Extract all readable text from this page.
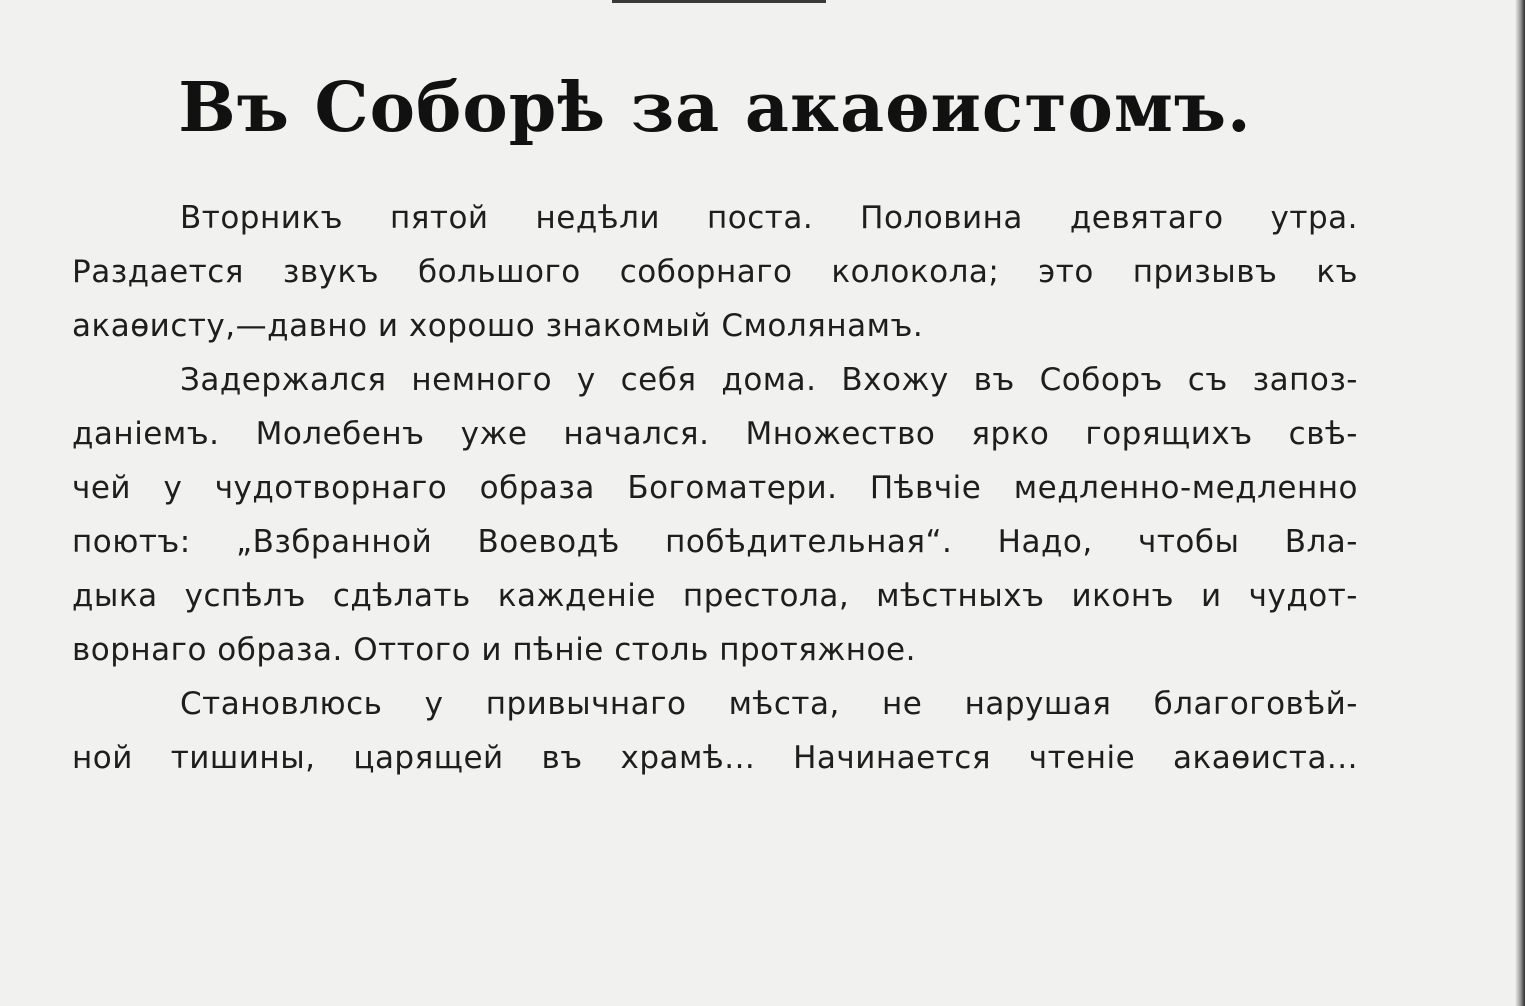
Въ Соборѣ за акаѳистомъ.
Вторникъ пятой недѣли поста. Половина девятаго утра.
Раздается звукъ большого соборнаго колокола; это призывъ къ
акаѳисту,—давно и хорошо знакомый Смолянамъ.
Задержался немного у себя дома. Вхожу въ Соборъ съ запоз-
даніемъ. Молебенъ уже начался. Множество ярко горящихъ свѣ-
чей у чудотворнаго образа Богоматери. Пѣвчіе медленно-медленно
поютъ: „Взбранной Воеводѣ побѣдительная“. Надо, чтобы Вла-
дыка успѣлъ сдѣлать кажденіе престола, мѣстныхъ иконъ и чудот-
ворнаго образа. Оттого и пѣніе столь протяжное.
Становлюсь у привычнаго мѣста, не нарушая благоговѣй-
ной тишины, царящей въ храмѣ... Начинается чтеніе акаѳиста...
